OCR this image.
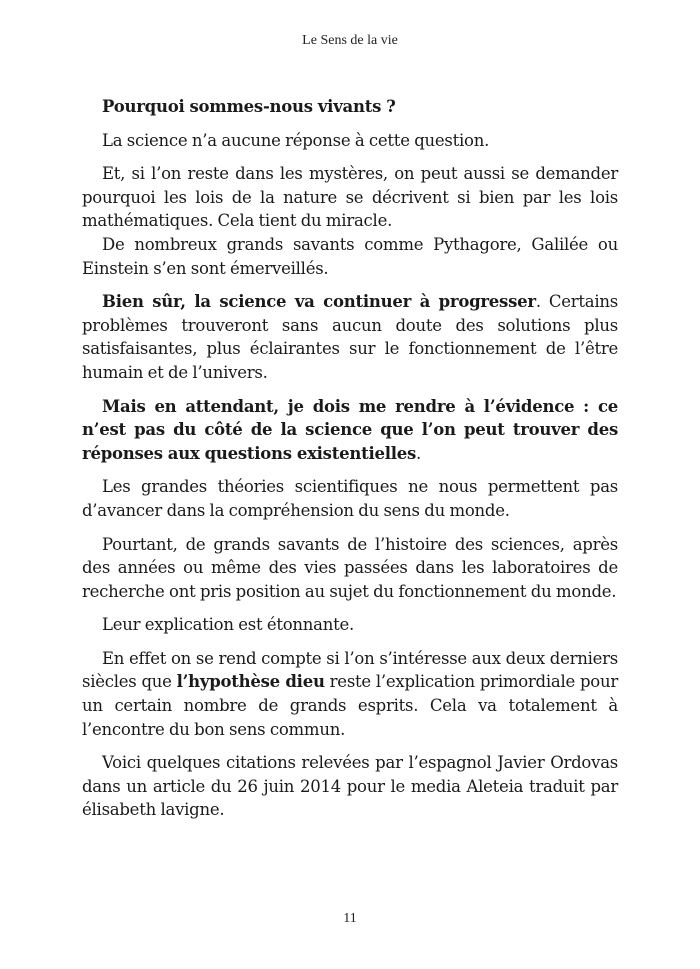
Le Sens de la vie

Pourquoi sommes-nous vivants ?

La science n’a aucune réponse à cette question.

Et, si l’on reste dans les mystères, on peut aussi se demander pourquoi les lois de la nature se décrivent si bien par les lois mathématiques. Cela tient du miracle.

De nombreux grands savants comme Pythagore, Galilée ou Einstein s’en sont émerveillés.

Bien sûr, la science va continuer à progresser. Certains problèmes trouveront sans aucun doute des solutions plus satisfaisantes, plus éclairantes sur le fonctionnement de l’être humain et de l’univers.

Mais en attendant, je dois me rendre à l’évidence : ce n’est pas du côté de la science que l’on peut trouver des réponses aux questions existentielles.

Les grandes théories scientifiques ne nous permettent pas d’avancer dans la compréhension du sens du monde.

Pourtant, de grands savants de l’histoire des sciences, après des années ou même des vies passées dans les laboratoires de recherche ont pris position au sujet du fonctionnement du monde.

Leur explication est étonnante.

En effet on se rend compte si l’on s’intéresse aux deux derniers siècles que l’hypothèse dieu reste l’explication primordiale pour un certain nombre de grands esprits. Cela va totalement à l’encontre du bon sens commun.

Voici quelques citations relevées par l’espagnol Javier Ordovas dans un article du 26 juin 2014 pour le media Aleteia traduit par élisabeth lavigne.

11
